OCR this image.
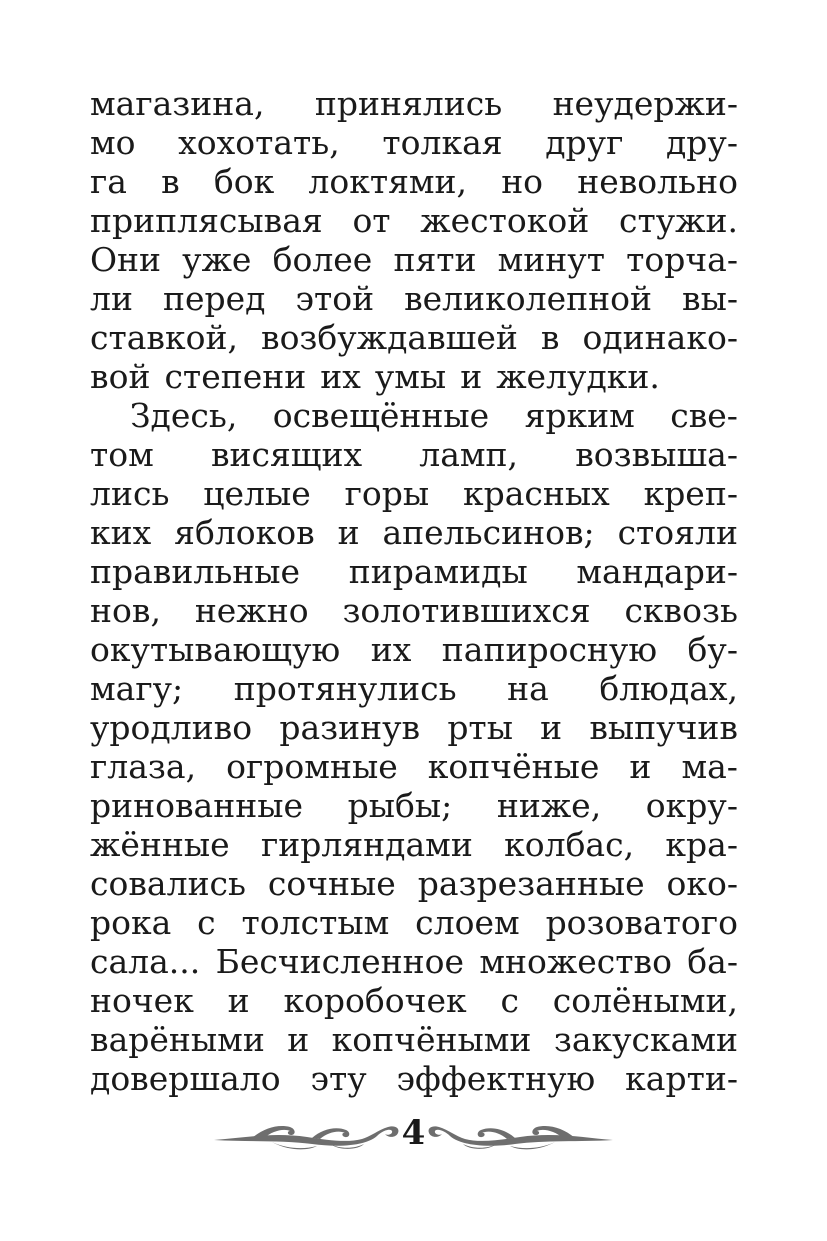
магазина, принялись неудержи-
мо хохотать, толкая друг дру-
га в бок локтями, но невольно
приплясывая от жестокой стужи.
Они уже более пяти минут торча-
ли перед этой великолепной вы-
ставкой, возбуждавшей в одинако-
вой степени их умы и желудки.
Здесь, освещённые ярким све-
том висящих ламп, возвыша-
лись целые горы красных креп-
ких яблоков и апельсинов; стояли
правильные пирамиды мандари-
нов, нежно золотившихся сквозь
окутывающую их папиросную бу-
магу; протянулись на блюдах,
уродливо разинув рты и выпучив
глаза, огромные копчёные и ма-
ринованные рыбы; ниже, окру-
жённые гирляндами колбас, кра-
совались сочные разрезанные око-
рока с толстым слоем розоватого
сала... Бесчисленное множество ба-
ночек и коробочек с солёными,
варёными и копчёными закусками
довершало эту эффектную карти-
4
